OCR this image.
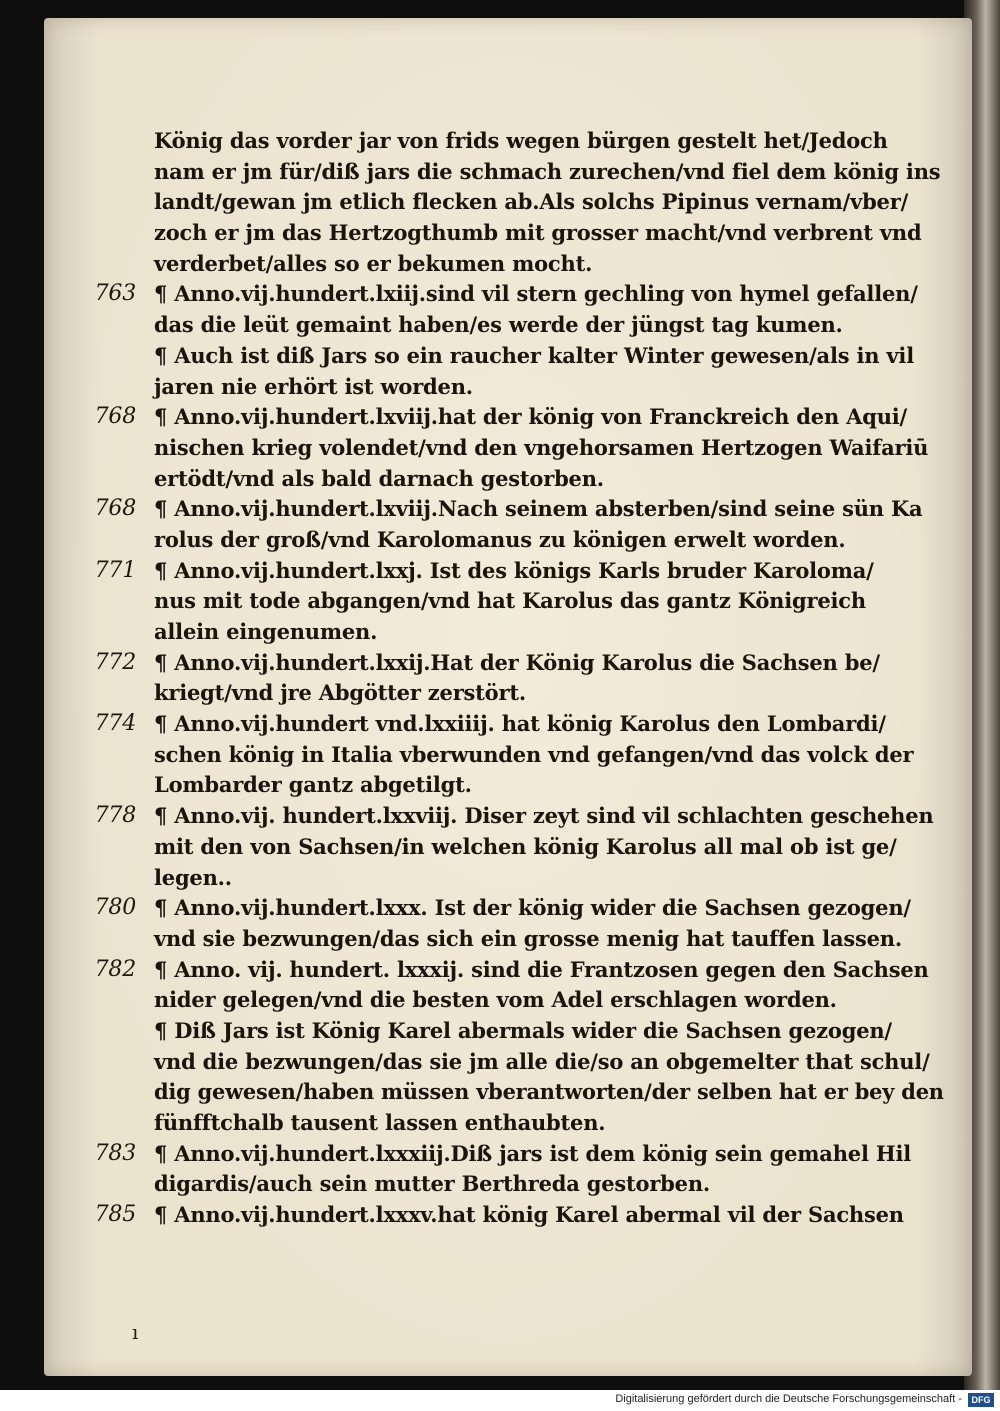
König das vorder jar von frids wegen bürgen gestelt het/Jedoch
nam er jm für/diß jars die schmach zurechen/vnd fiel dem könig ins
landt/gewan jm etlich flecken ab.Als solchs Pipinus vernam/vber/
zoch er jm das Hertzogthumb mit grosser macht/vnd verbrent vnd
verderbet/alles so er bekumen mocht.
763 ¶ Anno.vij.hundert.lxiij.sind vil stern gechling von hymel gefallen/
das die leüt gemaint haben/es werde der jüngst tag kumen.
¶ Auch ist diß Jars so ein raucher kalter Winter gewesen/als in vil
jaren nie erhört ist worden.
768 ¶ Anno.vij.hundert.lxviij.hat der könig von Franckreich den Aqui/
nischen krieg volendet/vnd den vngehorsamen Hertzogen Waifariū
ertödt/vnd als bald darnach gestorben.
768 ¶ Anno.vij.hundert.lxviij.Nach seinem absterben/sind seine sün Ka
rolus der groß/vnd Karolomanus zu königen erwelt worden.
771 ¶ Anno.vij.hundert.lxxj. Ist des königs Karls bruder Karoloma/
nus mit tode abgangen/vnd hat Karolus das gantz Königreich
allein eingenumen.
772 ¶ Anno.vij.hundert.lxxij.Hat der König Karolus die Sachsen be/
kriegt/vnd jre Abgötter zerstört.
774 ¶ Anno.vij.hundert vnd.lxxiiij. hat könig Karolus den Lombardi/
schen könig in Italia vberwunden vnd gefangen/vnd das volck der
Lombarder gantz abgetilgt.
778 ¶ Anno.vij. hundert.lxxviij. Diser zeyt sind vil schlachten geschehen
mit den von Sachsen/in welchen könig Karolus all mal ob ist ge/
legen..
780 ¶ Anno.vij.hundert.lxxx. Ist der könig wider die Sachsen gezogen/
vnd sie bezwungen/das sich ein grosse menig hat tauffen lassen.
782 ¶ Anno. vij. hundert. lxxxij. sind die Frantzosen gegen den Sachsen
nider gelegen/vnd die besten vom Adel erschlagen worden.
¶ Diß Jars ist König Karel abermals wider die Sachsen gezogen/
vnd die bezwungen/das sie jm alle die/so an obgemelter that schul/
dig gewesen/haben müssen vberantworten/der selben hat er bey den
fünfftchalb tausent lassen enthaubten.
783 ¶ Anno.vij.hundert.lxxxiij.Diß jars ist dem könig sein gemahel Hil
digardis/auch sein mutter Berthreda gestorben.
785 ¶ Anno.vij.hundert.lxxxv.hat könig Karel abermal vil der Sachsen
ı
Digitalisierung gefördert durch die Deutsche Forschungsgemeinschaft -	DFG
